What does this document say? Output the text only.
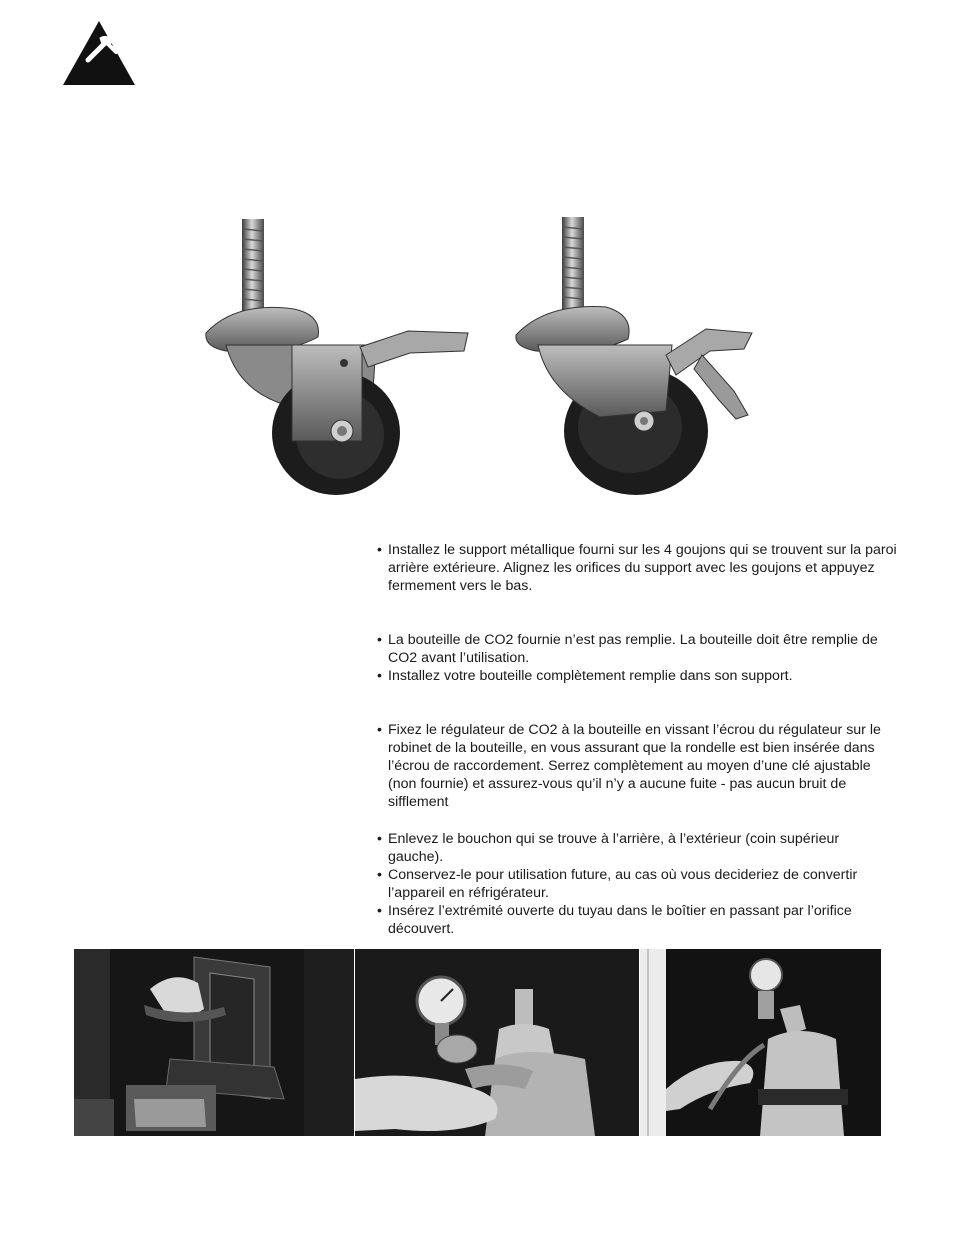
• Installez le support métallique fourni sur les 4 goujons qui se trouvent sur la paroi arrière extérieure. Alignez les orifices du support avec les goujons et appuyez fermement vers le bas.
• La bouteille de CO2 fournie n’est pas remplie. La bouteille doit être remplie de CO2 avant l’utilisation.
• Installez votre bouteille complètement remplie dans son support.
• Fixez le régulateur de CO2 à la bouteille en vissant l’écrou du régulateur sur le robinet de la bouteille, en vous assurant que la rondelle est bien insérée dans l’écrou de raccordement. Serrez complètement au moyen d’une clé ajustable (non fournie) et assurez-vous qu’il n’y a aucune fuite - pas aucun bruit de sifflement
• Enlevez le bouchon qui se trouve à l’arrière, à l’extérieur (coin supérieur gauche).
• Conservez-le pour utilisation future, au cas où vous decideriez de convertir l’appareil en réfrigérateur.
• Insérez l’extrémité ouverte du tuyau dans le boîtier en passant par l’orifice découvert.
